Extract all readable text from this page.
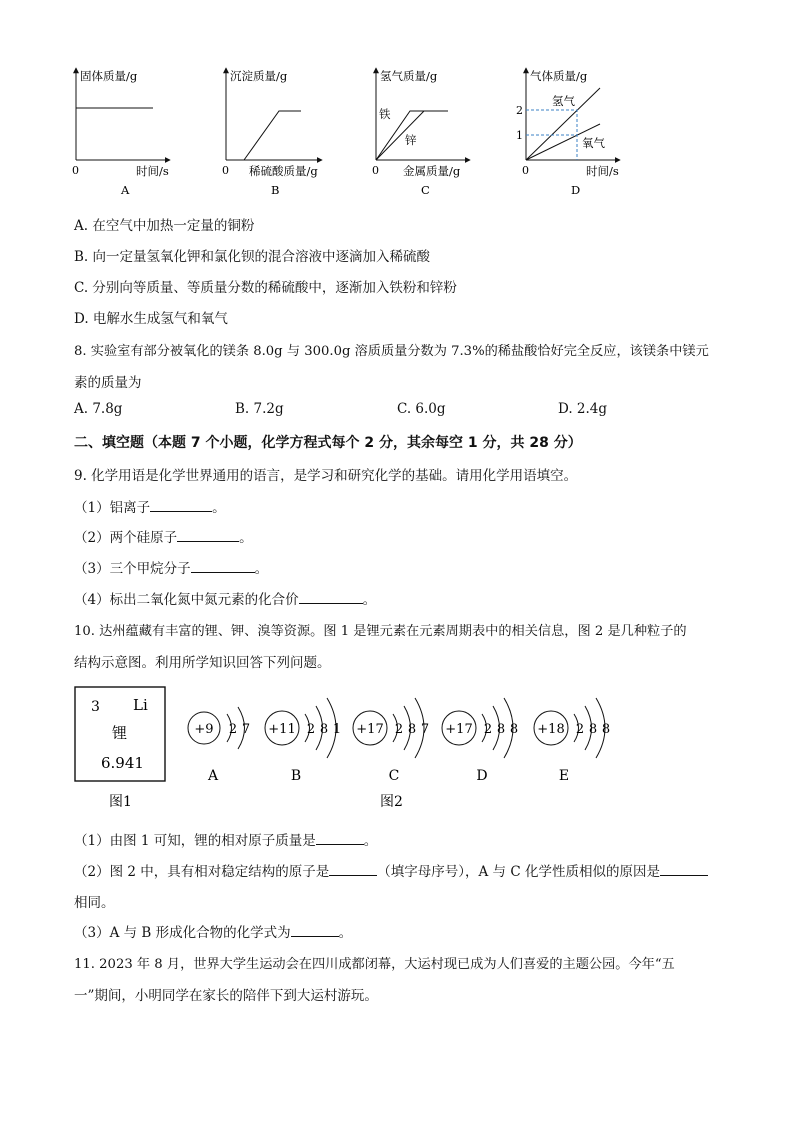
固体质量/g
时间/s
0
A
沉淀质量/g
稀硫酸质量/g
0
B
氢气质量/g
金属质量/g
0
铁
锌
C
气体质量/g
时间/s
0
2
1
氢气
氧气
D
A. 在空气中加热一定量的铜粉
B. 向一定量氢氧化钾和氯化钡的混合溶液中逐滴加入稀硫酸
C. 分别向等质量、等质量分数的稀硫酸中，逐渐加入铁粉和锌粉
D. 电解水生成氢气和氧气
8. 实验室有部分被氧化的镁条 8.0g 与 300.0g 溶质质量分数为 7.3%的稀盐酸恰好完全反应，该镁条中镁元
素的质量为
A. 7.8g	B. 7.2g	C. 6.0g	D. 2.4g
二、填空题（本题 7 个小题，化学方程式每个 2 分，其余每空 1 分，共 28 分）
9. 化学用语是化学世界通用的语言，是学习和研究化学的基础。请用化学用语填空。
（1）铝离子	。
（2）两个硅原子	。
（3）三个甲烷分子	。
（4）标出二氧化氮中氮元素的化合价	。
10. 达州蕴藏有丰富的锂、钾、溴等资源。图 1 是锂元素在元素周期表中的相关信息，图 2 是几种粒子的
结构示意图。利用所学知识回答下列问题。
3 Li
锂
6.941
图1	图2
+9 2 7
A
+11 2 8 1
B
+17 2 8 7
C
+17 2 8 8
D
+18 2 8 8
E
（1）由图 1 可知，锂的相对原子质量是	。
（2）图 2 中，具有相对稳定结构的原子是	（填字母序号），A 与 C 化学性质相似的原因是
相同。
（3）A 与 B 形成化合物的化学式为	。
11. 2023 年 8 月，世界大学生运动会在四川成都闭幕，大运村现已成为人们喜爱的主题公园。今年“五
一”期间，小明同学在家长的陪伴下到大运村游玩。
